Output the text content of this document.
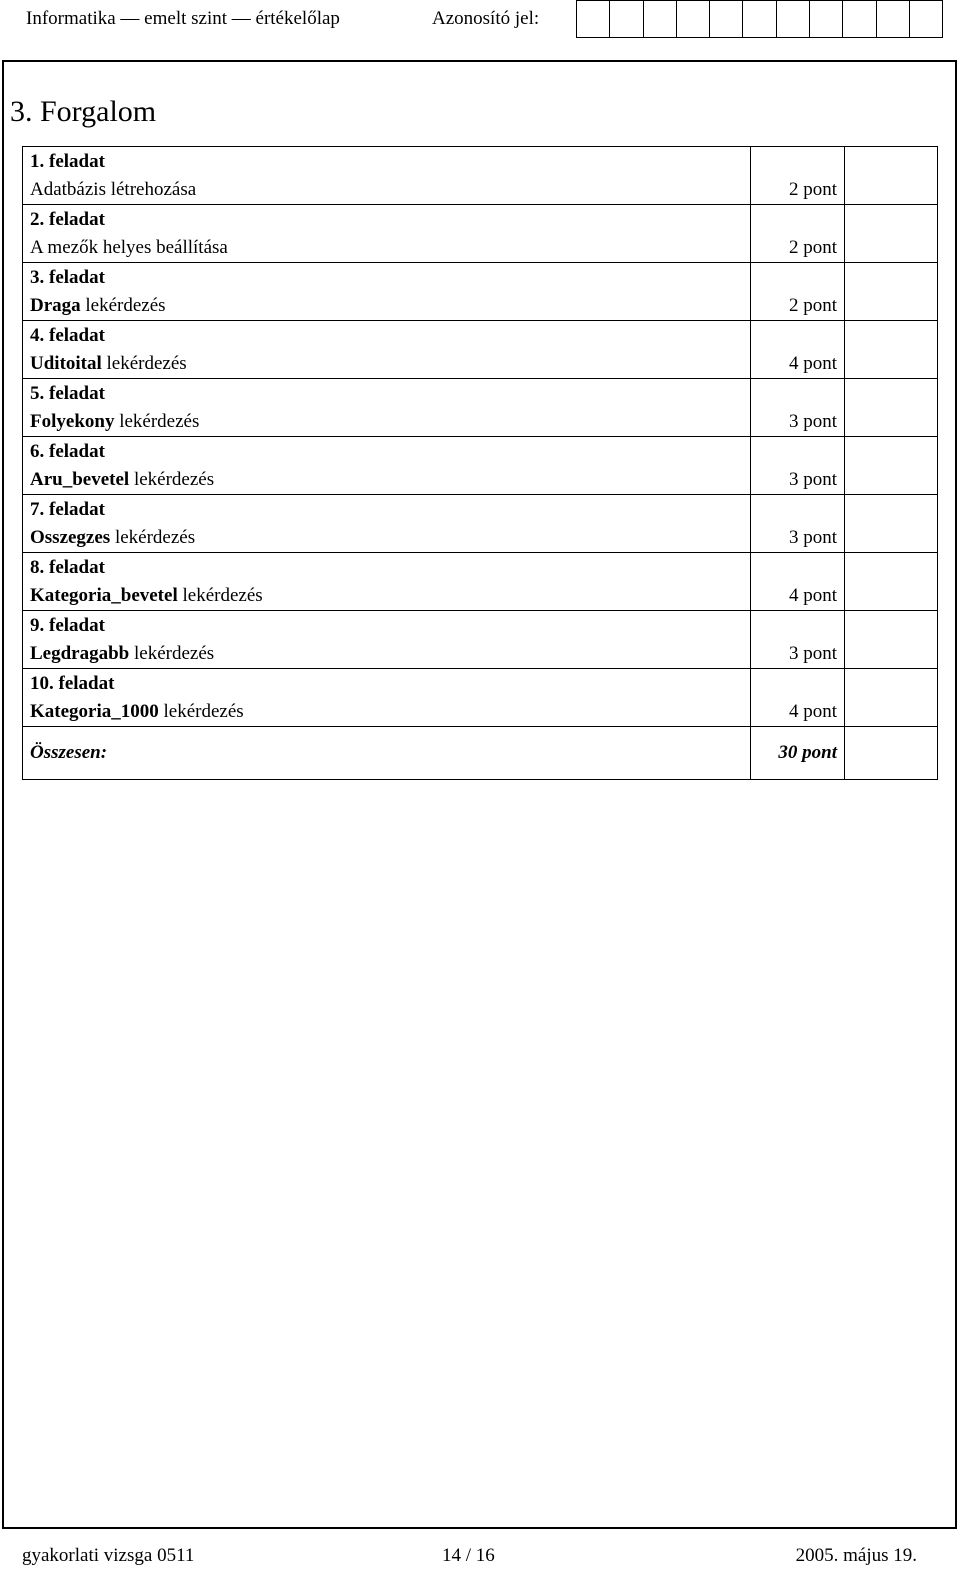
Informatika — emelt szint — értékelőlap	Azonosító jel:
3. Forgalom
1. feladat
Adatbázis létrehozása	2 pont	

2. feladat
A mezők helyes beállítása	2 pont	

3. feladat
Draga lekérdezés	2 pont	

4. feladat
Uditoital lekérdezés	4 pont	

5. feladat
Folyekony lekérdezés	3 pont	

6. feladat
Aru_bevetel lekérdezés	3 pont	

7. feladat
Osszegzes lekérdezés	3 pont	

8. feladat
Kategoria_bevetel lekérdezés	4 pont	

9. feladat
Legdragabb lekérdezés	3 pont	

10. feladat
Kategoria_1000 lekérdezés	4 pont	
Összesen:	30 pont	
gyakorlati vizsga 0511	14 / 16	2005. május 19.
